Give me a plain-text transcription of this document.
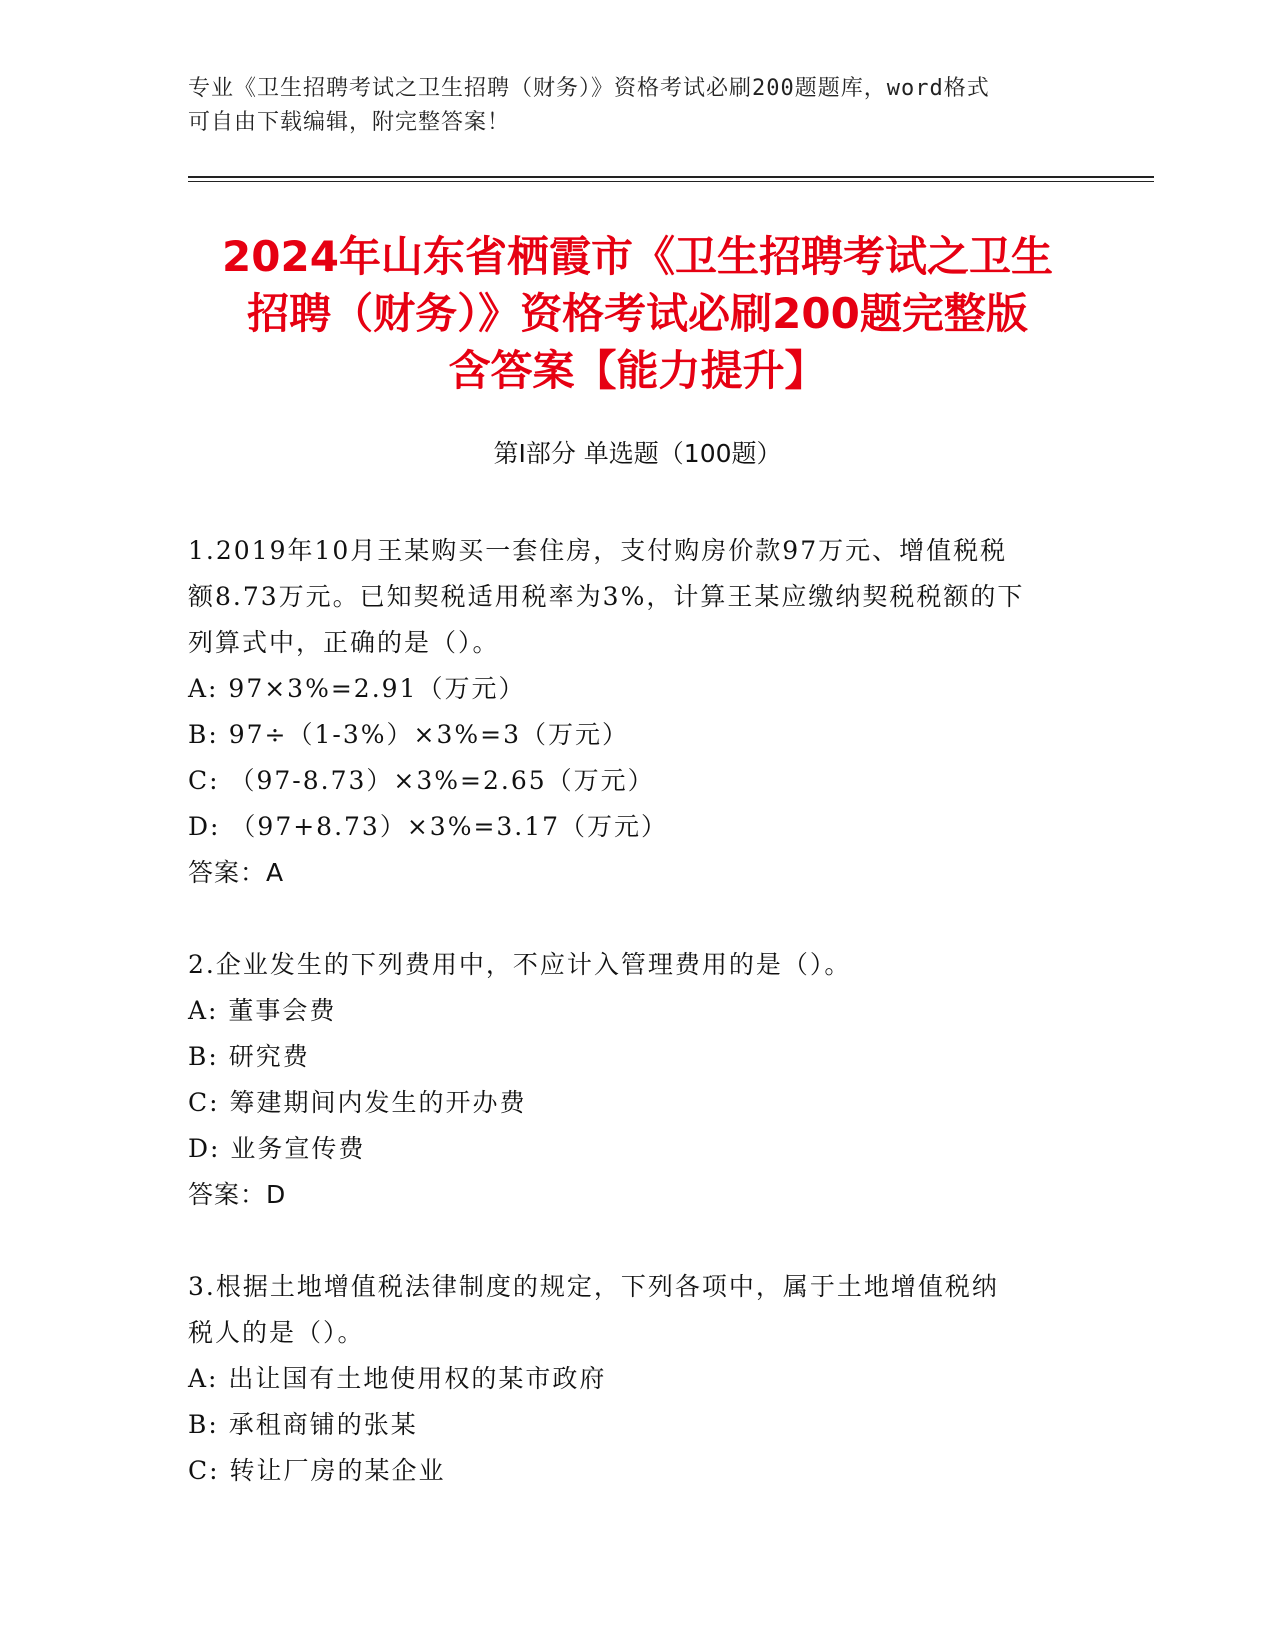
专业《卫生招聘考试之卫生招聘（财务）》资格考试必刷200题题库，word格式
可自由下载编辑，附完整答案！
2024年山东省栖霞市《卫生招聘考试之卫生
招聘（财务）》资格考试必刷200题完整版
含答案【能力提升】
第Ⅰ部分 单选题（100题）
1.2019年10月王某购买一套住房，支付购房价款97万元、增值税税
额8.73万元。已知契税适用税率为3%，计算王某应缴纳契税税额的下
列算式中，正确的是（）。
A: 97×3%=2.91（万元）
B: 97÷（1-3%）×3%=3（万元）
C: （97-8.73）×3%=2.65（万元）
D: （97+8.73）×3%=3.17（万元）
答案：A
2.企业发生的下列费用中，不应计入管理费用的是（）。
A: 董事会费
B: 研究费
C: 筹建期间内发生的开办费
D: 业务宣传费
答案：D
3.根据土地增值税法律制度的规定，下列各项中，属于土地增值税纳
税人的是（）。
A: 出让国有土地使用权的某市政府
B: 承租商铺的张某
C: 转让厂房的某企业
